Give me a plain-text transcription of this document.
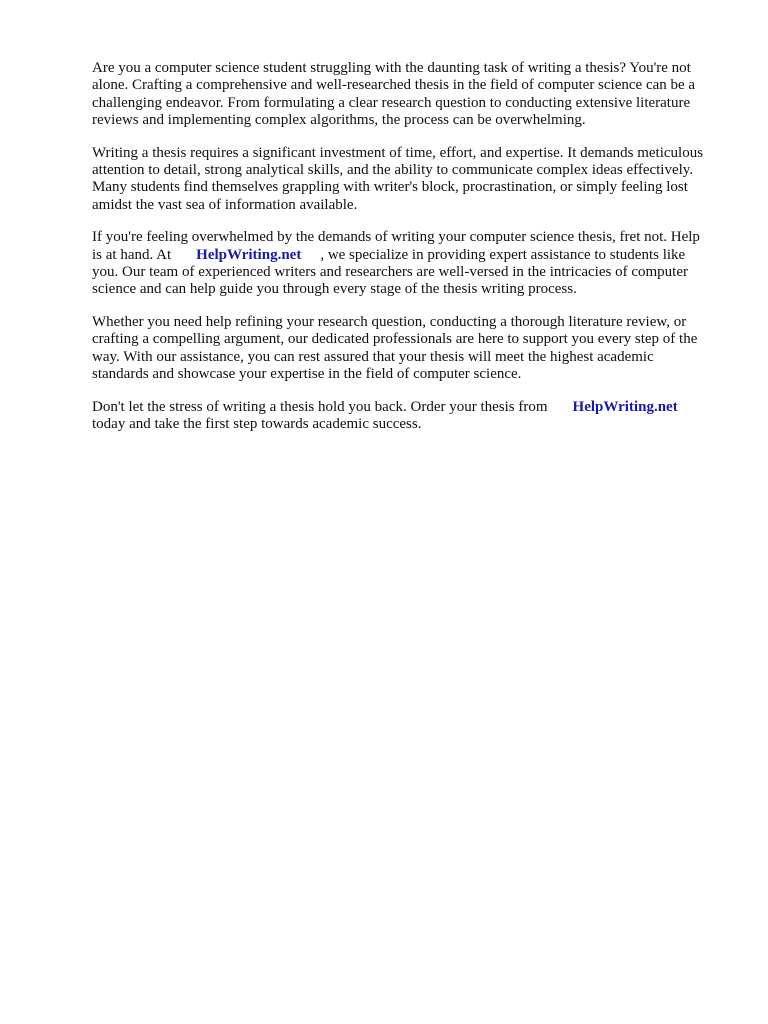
Are you a computer science student struggling with the daunting task of writing a thesis? You're not
alone. Crafting a comprehensive and well-researched thesis in the field of computer science can be a
challenging endeavor. From formulating a clear research question to conducting extensive literature
reviews and implementing complex algorithms, the process can be overwhelming.

Writing a thesis requires a significant investment of time, effort, and expertise. It demands meticulous
attention to detail, strong analytical skills, and the ability to communicate complex ideas effectively.
Many students find themselves grappling with writer's block, procrastination, or simply feeling lost
amidst the vast sea of information available.

If you're feeling overwhelmed by the demands of writing your computer science thesis, fret not. Help
is at hand. At HelpWriting.net , we specialize in providing expert assistance to students like
you. Our team of experienced writers and researchers are well-versed in the intricacies of computer
science and can help guide you through every stage of the thesis writing process.

Whether you need help refining your research question, conducting a thorough literature review, or
crafting a compelling argument, our dedicated professionals are here to support you every step of the
way. With our assistance, you can rest assured that your thesis will meet the highest academic
standards and showcase your expertise in the field of computer science.

Don't let the stress of writing a thesis hold you back. Order your thesis from HelpWriting.net
today and take the first step towards academic success.
